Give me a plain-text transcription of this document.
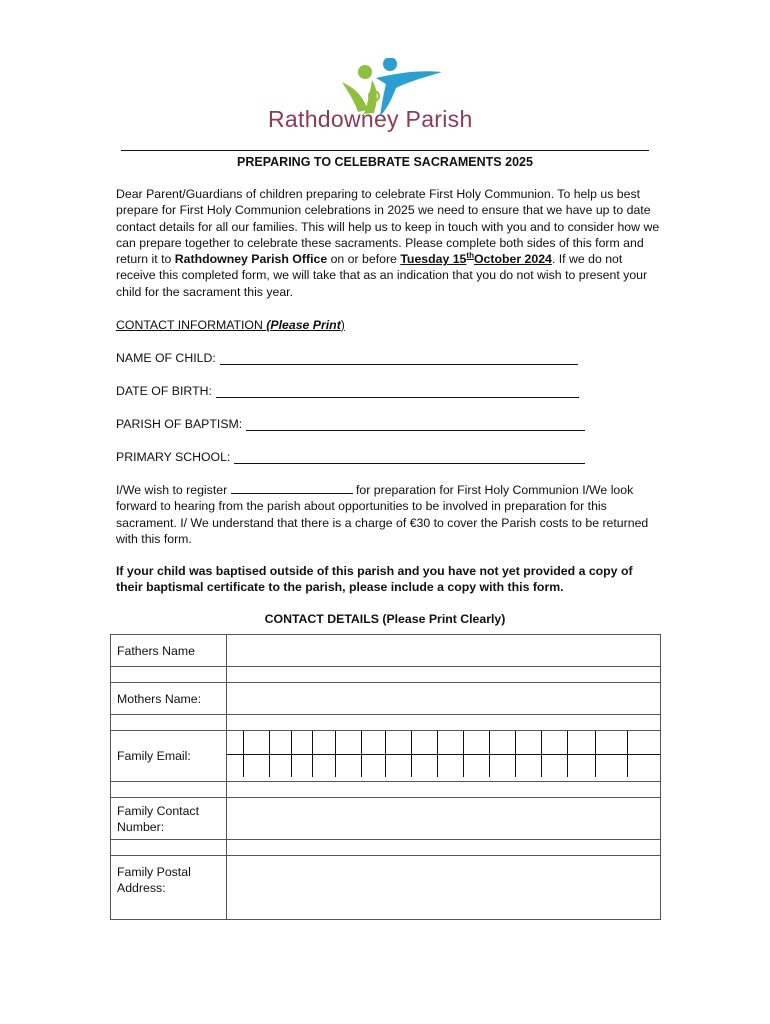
Rathdowney Parish
PREPARING TO CELEBRATE SACRAMENTS 2025

Dear Parent/Guardians of children preparing to celebrate First Holy Communion. To help us best prepare for First Holy Communion celebrations in 2025 we need to ensure that we have up to date contact details for all our families. This will help us to keep in touch with you and to consider how we can prepare together to celebrate these sacraments. Please complete both sides of this form and return it to Rathdowney Parish Office on or before Tuesday 15thOctober 2024. If we do not receive this completed form, we will take that as an indication that you do not wish to present your child for the sacrament this year.

CONTACT INFORMATION (Please Print)
NAME OF CHILD:
DATE OF BIRTH:
PARISH OF BAPTISM:
PRIMARY SCHOOL:

I/We wish to register	for preparation for First Holy Communion I/We look forward to hearing from the parish about opportunities to be involved in preparation for this sacrament. I/ We understand that there is a charge of €30 to cover the Parish costs to be returned with this form.

If your child was baptised outside of this parish and you have not yet provided a copy of their baptismal certificate to the parish, please include a copy with this form.

CONTACT DETAILS (Please Print Clearly)
Fathers Name	

Mothers Name:	

Family Email:	

Family Contact Number:	

Family Postal Address:	
